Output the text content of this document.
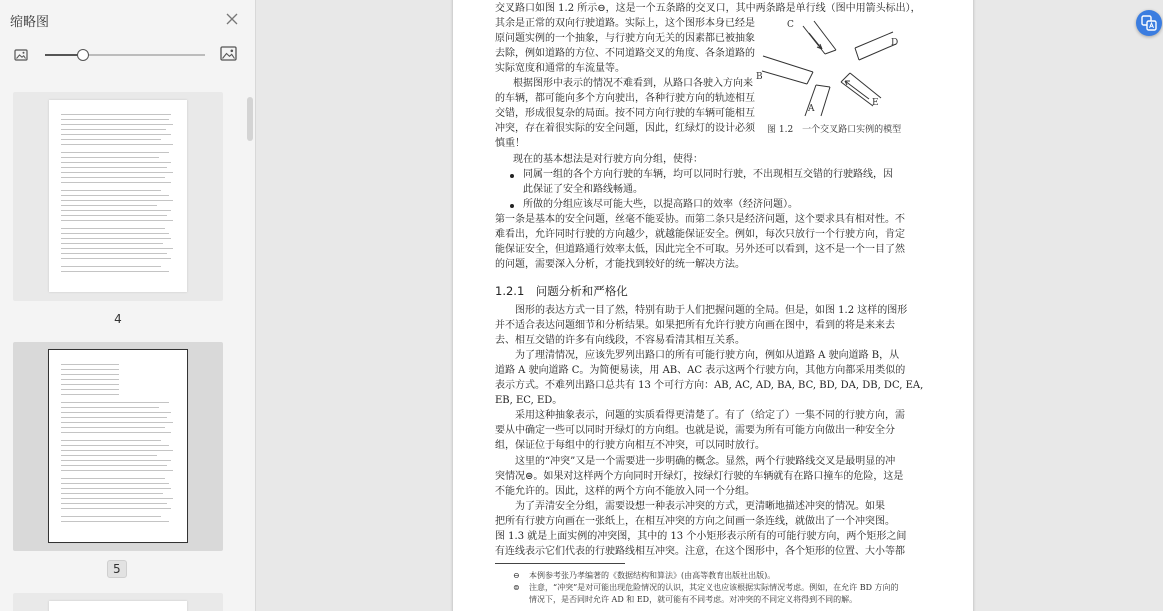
缩略图
4
5
交叉路口如图 1.2 所示⊖，这是一个五条路的交叉口，其中两条路是单行线（图中用箭头标出），
其余是正常的双向行驶道路。实际上，这个图形本身已经是
原问题实例的一个抽象，与行驶方向无关的因素都已被抽象
去除，例如道路的方位、不同道路交叉的角度、各条道路的
实际宽度和通常的车流量等。
根据图形中表示的情况不难看到，从路口各驶入方向来
的车辆，都可能向多个方向驶出，各种行驶方向的轨迹相互
交错，形成很复杂的局面。按不同方向行驶的车辆可能相互
冲突，存在着很实际的安全问题，因此，红绿灯的设计必须
慎重！
C
D
B
E
A
图 1.2　一个交叉路口实例的模型
现在的基本想法是对行驶方向分组，使得：
同属一组的各个方向行驶的车辆，均可以同时行驶，不出现相互交错的行驶路线，因
此保证了安全和路线畅通。
所做的分组应该尽可能大些，以提高路口的效率（经济问题）。
第一条是基本的安全问题，丝毫不能妥协。而第二条只是经济问题，这个要求具有相对性。不
难看出，允许同时行驶的方向越少，就越能保证安全。例如，每次只放行一个行驶方向，肯定
能保证安全，但道路通行效率太低，因此完全不可取。另外还可以看到，这不是一个一目了然
的问题，需要深入分析，才能找到较好的统一解决方法。
1.2.1　问题分析和严格化
图形的表达方式一目了然，特别有助于人们把握问题的全局。但是，如图 1.2 这样的图形
并不适合表达问题细节和分析结果。如果把所有允许行驶方向画在图中，看到的将是来来去
去、相互交错的许多有向线段，不容易看清其相互关系。
为了理清情况，应该先罗列出路口的所有可能行驶方向，例如从道路 A 驶向道路 B，从
道路 A 驶向道路 C。为简便易读，用 AB、AC 表示这两个行驶方向，其他方向都采用类似的
表示方式。不难列出路口总共有 13 个可行方向：AB, AC, AD, BA, BC, BD, DA, DB, DC, EA,
EB, EC, ED。
采用这种抽象表示，问题的实质看得更清楚了。有了（给定了）一集不同的行驶方向，需
要从中确定一些可以同时开绿灯的方向组。也就是说，需要为所有可能方向做出一种安全分
组，保证位于每组中的行驶方向相互不冲突，可以同时放行。
这里的“冲突”又是一个需要进一步明确的概念。显然，两个行驶路线交叉是最明显的冲
突情况⊜。如果对这样两个方向同时开绿灯，按绿灯行驶的车辆就有在路口撞车的危险，这是
不能允许的。因此，这样的两个方向不能放入同一个分组。
为了弄清安全分组，需要设想一种表示冲突的方式，更清晰地描述冲突的情况。如果
把所有行驶方向画在一张纸上，在相互冲突的方向之间画一条连线，就做出了一个冲突图。
图 1.3 就是上面实例的冲突图，其中的 13 个小矩形表示所有的可能行驶方向，两个矩形之间
有连线表示它们代表的行驶路线相互冲突。注意，在这个图形中，各个矩形的位置、大小等都
⊖ 本例参考张乃孝编著的《数据结构和算法》(由高等教育出版社出版)。
⊜ 注意，“冲突”是对可能出现危险情况的认识，其定义也应该根据实际情况考虑。例如，在允许 BD 方向的
情况下，是否同时允许 AD 和 ED，就可能有不同考虑。对冲突的不同定义将得到不同的解。
